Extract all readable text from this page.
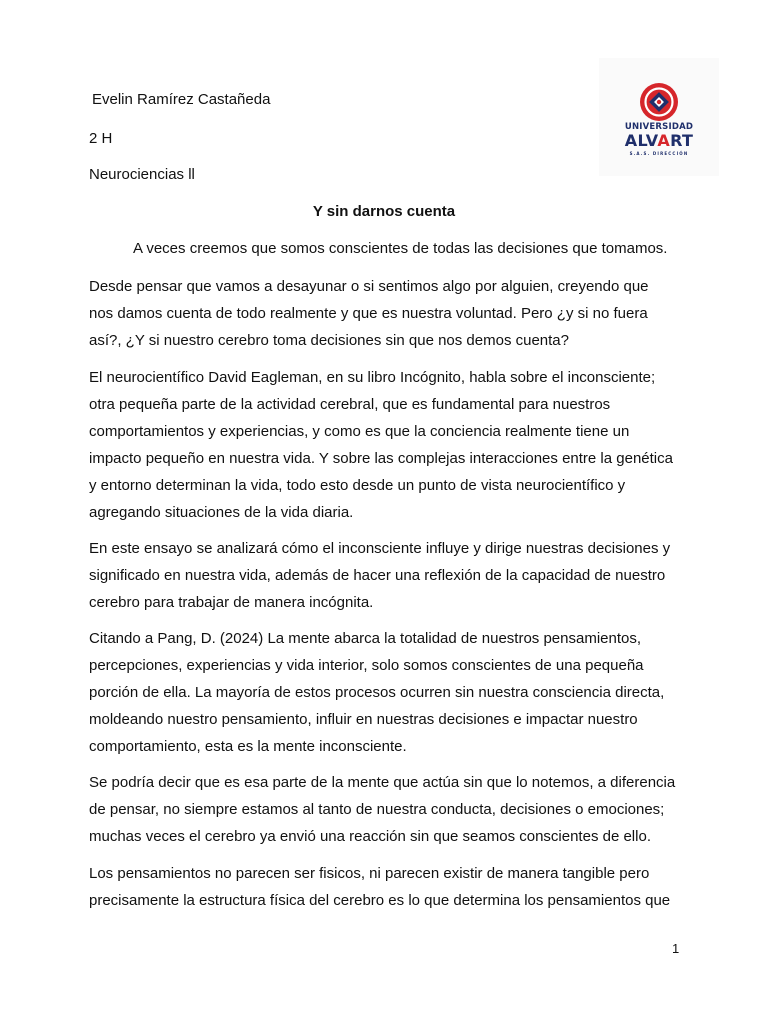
Evelin Ramírez Castañeda
2 H
Neurociencias ll
UNIVERSIDAD
ALVART
S.A.S. DIRECCIÓN
Y sin darnos cuenta
A veces creemos que somos conscientes de todas las decisiones que tomamos.
Desde pensar que vamos a desayunar o si sentimos algo por alguien, creyendo que
nos damos cuenta de todo realmente y que es nuestra voluntad. Pero ¿y si no fuera
así?, ¿Y si nuestro cerebro toma decisiones sin que nos demos cuenta?
El neurocientífico David Eagleman, en su libro Incógnito, habla sobre el inconsciente;
otra pequeña parte de la actividad cerebral, que es fundamental para nuestros
comportamientos y experiencias, y como es que la conciencia realmente tiene un
impacto pequeño en nuestra vida. Y sobre las complejas interacciones entre la genética
y entorno determinan la vida, todo esto desde un punto de vista neurocientífico y
agregando situaciones de la vida diaria.
En este ensayo se analizará cómo el inconsciente influye y dirige nuestras decisiones y
significado en nuestra vida, además de hacer una reflexión de la capacidad de nuestro
cerebro para trabajar de manera incógnita.
Citando a Pang, D. (2024) La mente abarca la totalidad de nuestros pensamientos,
percepciones, experiencias y vida interior, solo somos conscientes de una pequeña
porción de ella. La mayoría de estos procesos ocurren sin nuestra consciencia directa,
moldeando nuestro pensamiento, influir en nuestras decisiones e impactar nuestro
comportamiento, esta es la mente inconsciente.
Se podría decir que es esa parte de la mente que actúa sin que lo notemos, a diferencia
de pensar, no siempre estamos al tanto de nuestra conducta, decisiones o emociones;
muchas veces el cerebro ya envió una reacción sin que seamos conscientes de ello.
Los pensamientos no parecen ser fisicos, ni parecen existir de manera tangible pero
precisamente la estructura física del cerebro es lo que determina los pensamientos que
1
